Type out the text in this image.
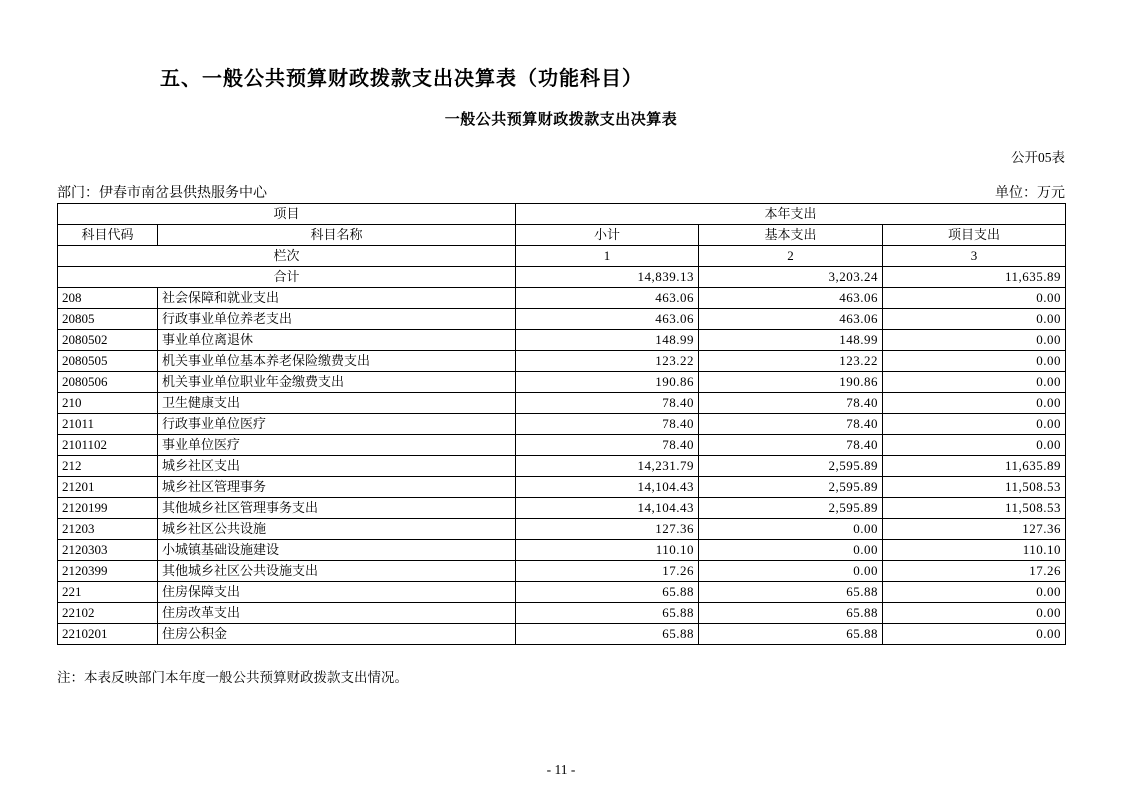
五、一般公共预算财政拨款支出决算表（功能科目）
一般公共预算财政拨款支出决算表
公开05表
部门：伊春市南岔县供热服务中心	单位：万元
项目		本年支出		
科目代码	科目名称	小计	基本支出	项目支出
栏次		1	2	3
合计		14,839.13	3,203.24	11,635.89
208	社会保障和就业支出	463.06	463.06	0.00
20805	行政事业单位养老支出	463.06	463.06	0.00
2080502	事业单位离退休	148.99	148.99	0.00
2080505	机关事业单位基本养老保险缴费支出	123.22	123.22	0.00
2080506	机关事业单位职业年金缴费支出	190.86	190.86	0.00
210	卫生健康支出	78.40	78.40	0.00
21011	行政事业单位医疗	78.40	78.40	0.00
2101102	事业单位医疗	78.40	78.40	0.00
212	城乡社区支出	14,231.79	2,595.89	11,635.89
21201	城乡社区管理事务	14,104.43	2,595.89	11,508.53
2120199	其他城乡社区管理事务支出	14,104.43	2,595.89	11,508.53
21203	城乡社区公共设施	127.36	0.00	127.36
2120303	小城镇基础设施建设	110.10	0.00	110.10
2120399	其他城乡社区公共设施支出	17.26	0.00	17.26
221	住房保障支出	65.88	65.88	0.00
22102	住房改革支出	65.88	65.88	0.00
2210201	住房公积金	65.88	65.88	0.00
注：本表反映部门本年度一般公共预算财政拨款支出情况。
- 11 -
